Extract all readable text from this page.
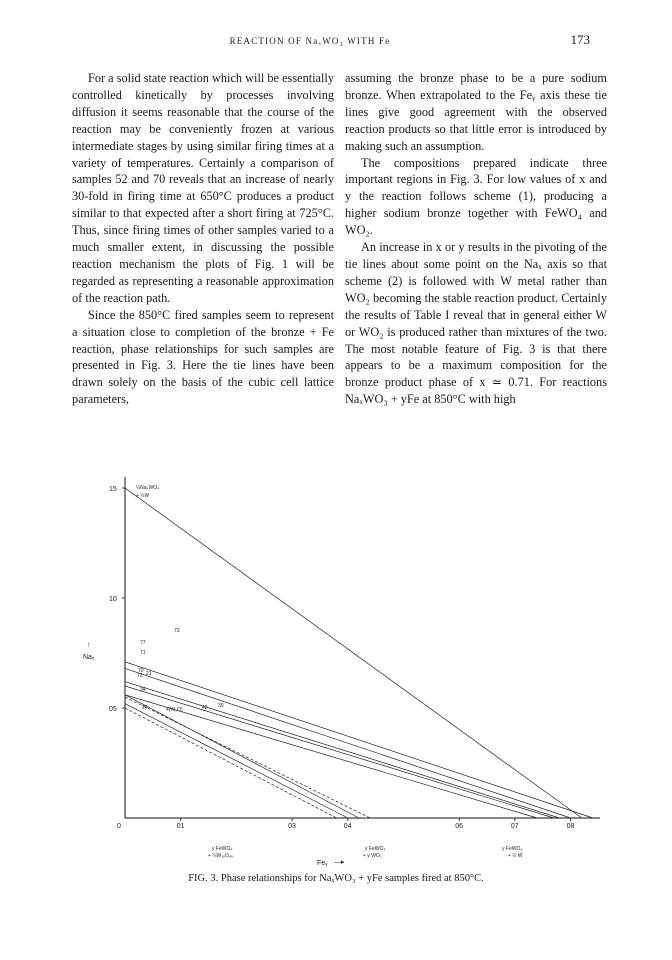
REACTION OF NaₓWO₃ WITH Fe	173

For a solid state reaction which will be essentially controlled kinetically by processes involving diffusion it seems reasonable that the course of the reaction may be conveniently frozen at various intermediate stages by using similar firing times at a variety of temperatures. Certainly a comparison of samples 52 and 70 reveals that an increase of nearly 30-fold in firing time at 650°C produces a product similar to that expected after a short firing at 725°C. Thus, since firing times of other samples varied to a much smaller extent, in discussing the possible reaction mechanism the plots of Fig. 1 will be regarded as representing a reasonable approximation of the reaction path.

Since the 850°C fired samples seem to represent a situation close to completion of the bronze + Fe reaction, phase relationships for such samples are presented in Fig. 3. Here the tie lines have been drawn solely on the basis of the cubic cell lattice parameters,

assuming the bronze phase to be a pure sodium bronze. When extrapolated to the Feᵧ axis these tie lines give good agreement with the observed reaction products so that little error is introduced by making such an assumption.

The compositions prepared indicate three important regions in Fig. 3. For low values of x and y the reaction follows scheme (1), producing a higher sodium bronze together with FeWO₄ and WO₂.

An increase in x or y results in the pivoting of the tie lines about some point on the Naₓ axis so that scheme (2) is followed with W metal rather than WO₂ becoming the stable reaction product. Certainly the results of Table I reveal that in general either W or WO₂ is produced rather than mixtures of the two. The most notable feature of Fig. 3 is that there appears to be a maximum composition for the bronze product phase of x ≃ 0.71. For reactions NaₓWO₃ + yFe at 850°C with high

0	01	03	04	06	07	08
05
10
15
Naₓ
↑
Feᵧ —▸
½Na₂WO₄
+ ½W
y FeWO₄
+ ¼W₁₈O₄₉
y FeWO₄
+ y WO₂
y FeWO₄
+ ½ W
73
77
71
70 21
72
34
24	4(W₂O)	42 30
FIG. 3. Phase relationships for NaₓWO₃ + yFe samples fired at 850°C.
